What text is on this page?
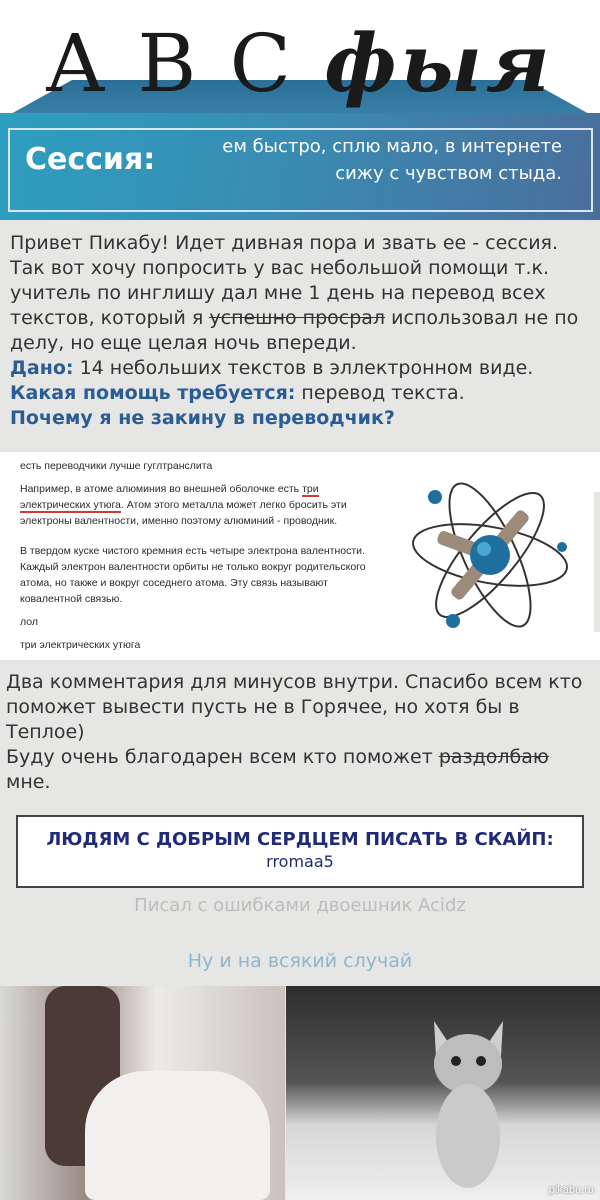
A B C фыя
Сессия:	ем быстро, сплю мало, в интернете
сижу с чувством стыда.

Привет Пикабу! Идет дивная пора и звать ее - сессия. Так вот хочу попросить у вас небольшой помощи т.к. учитель по инглишу дал мне 1 день на перевод всех текстов, который я успешно просрал использовал не по делу, но еще целая ночь впереди.

Дано: 14 небольших текстов в эллектронном виде.

Какая помощь требуется: перевод текста.

Почему я не закину в переводчик?

есть переводчики лучше гуглтранслита

Например, в атоме алюминия во внешней оболочке есть три электрических утюга. Атом этого металла может легко бросить эти электроны валентности, именно поэтому алюминий - проводник.

В твердом куске чистого кремния есть четыре электрона валентности. Каждый электрон валентности орбиты не только вокруг родительского атома, но также и вокруг соседнего атома. Эту связь называют ковалентной связью.

лол

три электрических утюга

Два комментария для минусов внутри. Спасибо всем кто поможет вывести пусть не в Горячее, но хотя бы в Теплое)

Буду очень благодарен всем кто поможет раздолбаю мне.

ЛЮДЯМ С ДОБРЫМ СЕРДЦЕМ ПИСАТЬ В СКАЙП:
rromaa5
Писал с ошибками двоешник Acidz
Ну и на всякий случай
pikabu.ru
